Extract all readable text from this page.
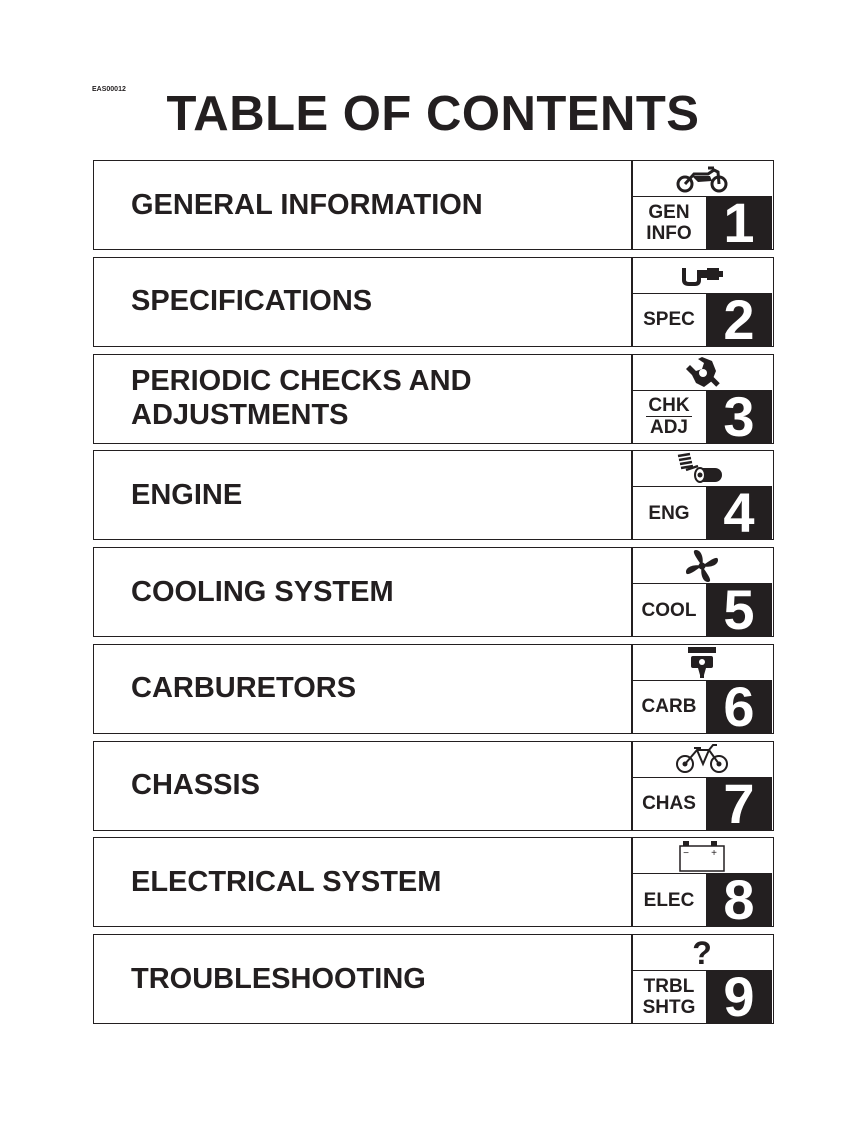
EAS00012 TABLE OF CONTENTS
GENERAL INFORMATION	GEN
INFO 1
SPECIFICATIONS
SPEC 2
PERIODIC CHECKS AND
ADJUSTMENTS	CHK
ADJ 3
ENGINE
ENG 4
COOLING SYSTEM
COOL 5
CARBURETORS
CARB 6
CHASSIS
CHAS 7
ELECTRICAL SYSTEM
− +
ELEC 8
TROUBLESHOOTING
?
TRBL
SHTG 9
